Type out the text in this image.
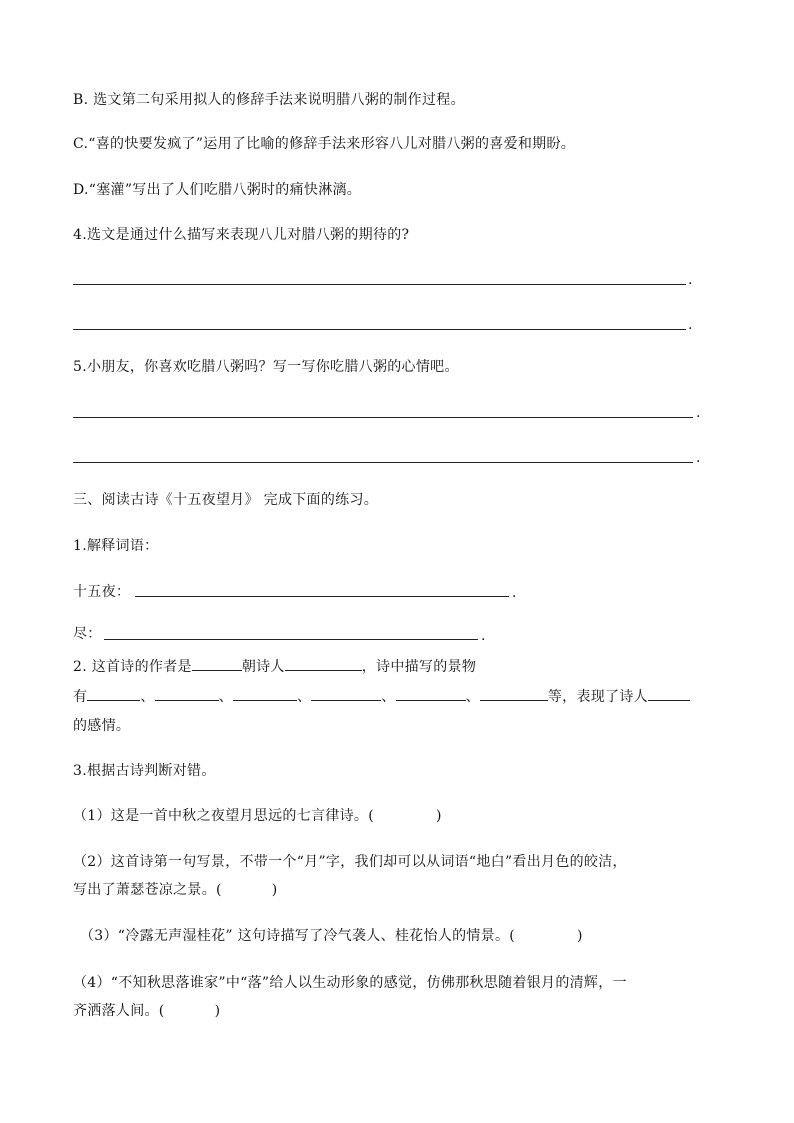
B. 选文第二句采用拟人的修辞手法来说明腊八粥的制作过程。
C.“喜的快要发疯了”运用了比喻的修辞手法来形容八儿对腊八粥的喜爱和期盼。
D.“塞灌”写出了人们吃腊八粥时的痛快淋漓。
4.选文是通过什么描写来表现八儿对腊八粥的期待的?
.
.
5.小朋友，你喜欢吃腊八粥吗？写一写你吃腊八粥的心情吧。
.
.
三、阅读古诗《十五夜望月》 完成下面的练习。
1.解释词语：
十五夜：	.
尽：	.
2. 这首诗的作者是	朝诗人	，诗中描写的景物
有	、	、	、	、	、	等，表现了诗人
的感情。
3.根据古诗判断对错。
（1）这是一首中秋之夜望月思远的七言律诗。(	)
（2）这首诗第一句写景，不带一个“月”字，我们却可以从词语“地白”看出月色的皎洁，
写出了萧瑟苍凉之景。(	)
（3）“冷露无声湿桂花” 这句诗描写了冷气袭人、桂花怡人的情景。(	)
（4）“不知秋思落谁家”中“落”给人以生动形象的感觉，仿佛那秋思随着银月的清辉，一
齐洒落人间。(	)
